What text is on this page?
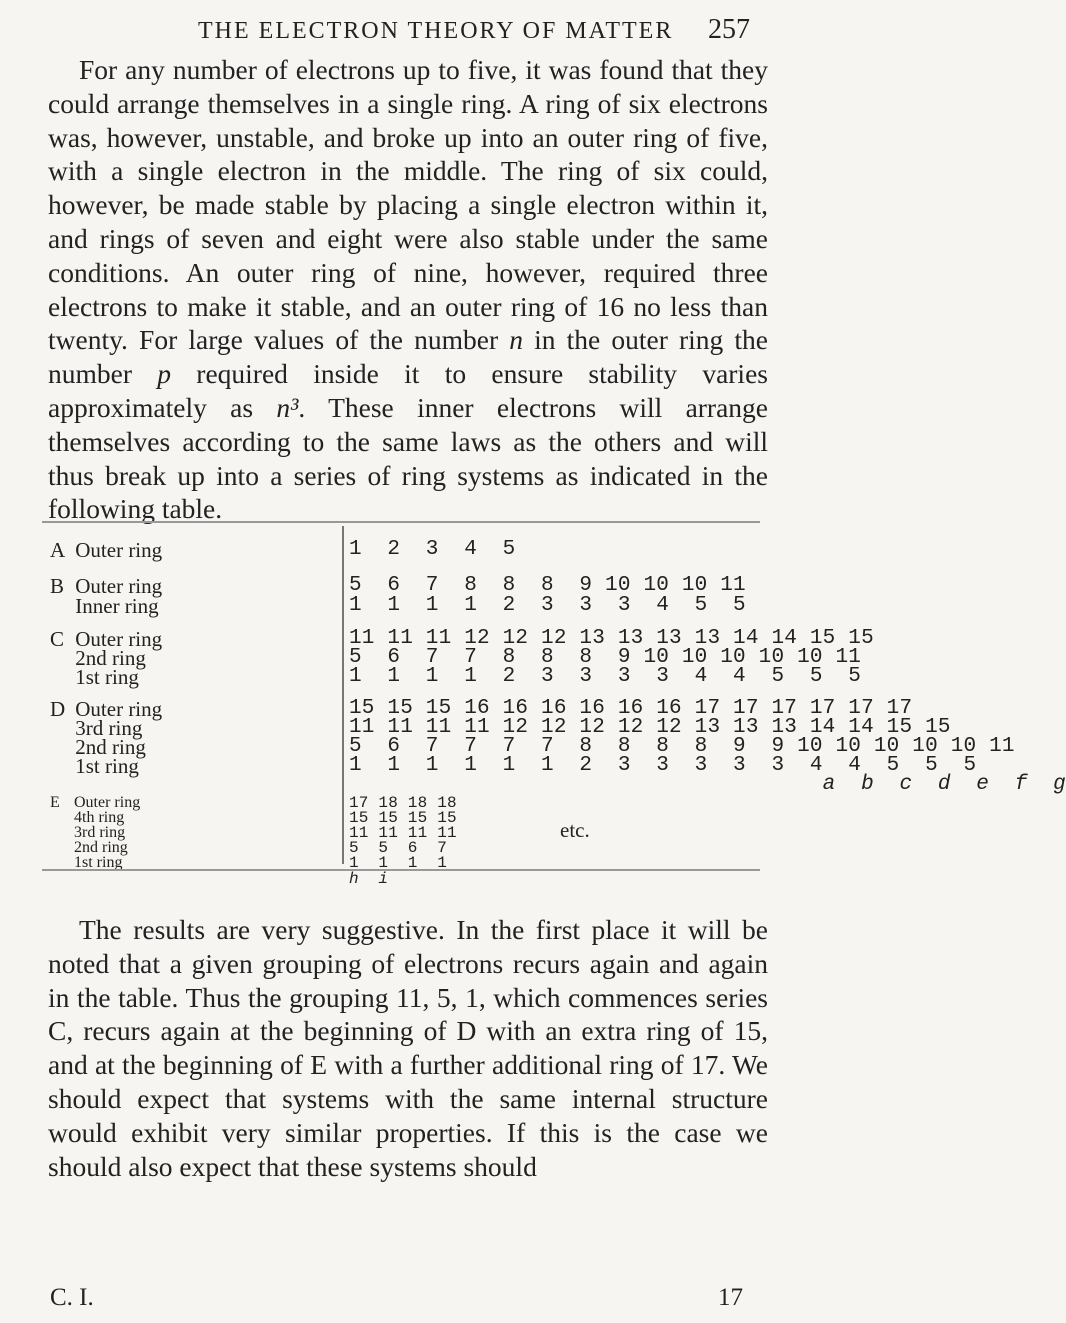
THE ELECTRON THEORY OF MATTER 257

For any number of electrons up to five, it was found that they could arrange themselves in a single ring. A ring of six electrons was, however, unstable, and broke up into an outer ring of five, with a single electron in the middle. The ring of six could, however, be made stable by placing a single electron within it, and rings of seven and eight were also stable under the same conditions. An outer ring of nine, however, required three electrons to make it stable, and an outer ring of 16 no less than twenty. For large values of the number n in the outer ring the number p required inside it to ensure stability varies approximately as n³. These inner electrons will arrange themselves according to the same laws as the others and will thus break up into a series of ring systems as indicated in the following table.

A Outer ring	1  2  3  4  5
B Outer ring	5  6  7  8  8  8  9 10 10 10 11
Inner ring	1  1  1  1  2  3  3  3  4  5  5
C Outer ring	11 11 11 12 12 12 13 13 13 13 14 14 15 15
2nd ring	5  6  7  7  8  8  8  9 10 10 10 10 10 11
1st ring	1  1  1  1  2  3  3  3  3  4  4  5  5  5
D Outer ring	15 15 15 16 16 16 16 16 16 17 17 17 17 17 17
3rd ring	11 11 11 11 12 12 12 12 12 13 13 13 14 14 15 15
2nd ring	5  6  7  7  7  7  8  8  8  8  9  9 10 10 10 10 10 11
1st ring	1  1  1  1  1  1  2  3  3  3  3  3  4  4  5  5  5
a  b  c  d  e  f  g
E Outer ring	17 18 18 18
4th ring	15 15 15 15
3rd ring	11 11 11 11
2nd ring	5  5  6  7
1st ring	1  1  1  1
h  i
etc.

The results are very suggestive. In the first place it will be noted that a given grouping of electrons recurs again and again in the table. Thus the grouping 11, 5, 1, which commences series C, recurs again at the beginning of D with an extra ring of 15, and at the beginning of E with a further additional ring of 17. We should expect that systems with the same internal structure would exhibit very similar properties. If this is the case we should also expect that these systems should

C. I.	17
